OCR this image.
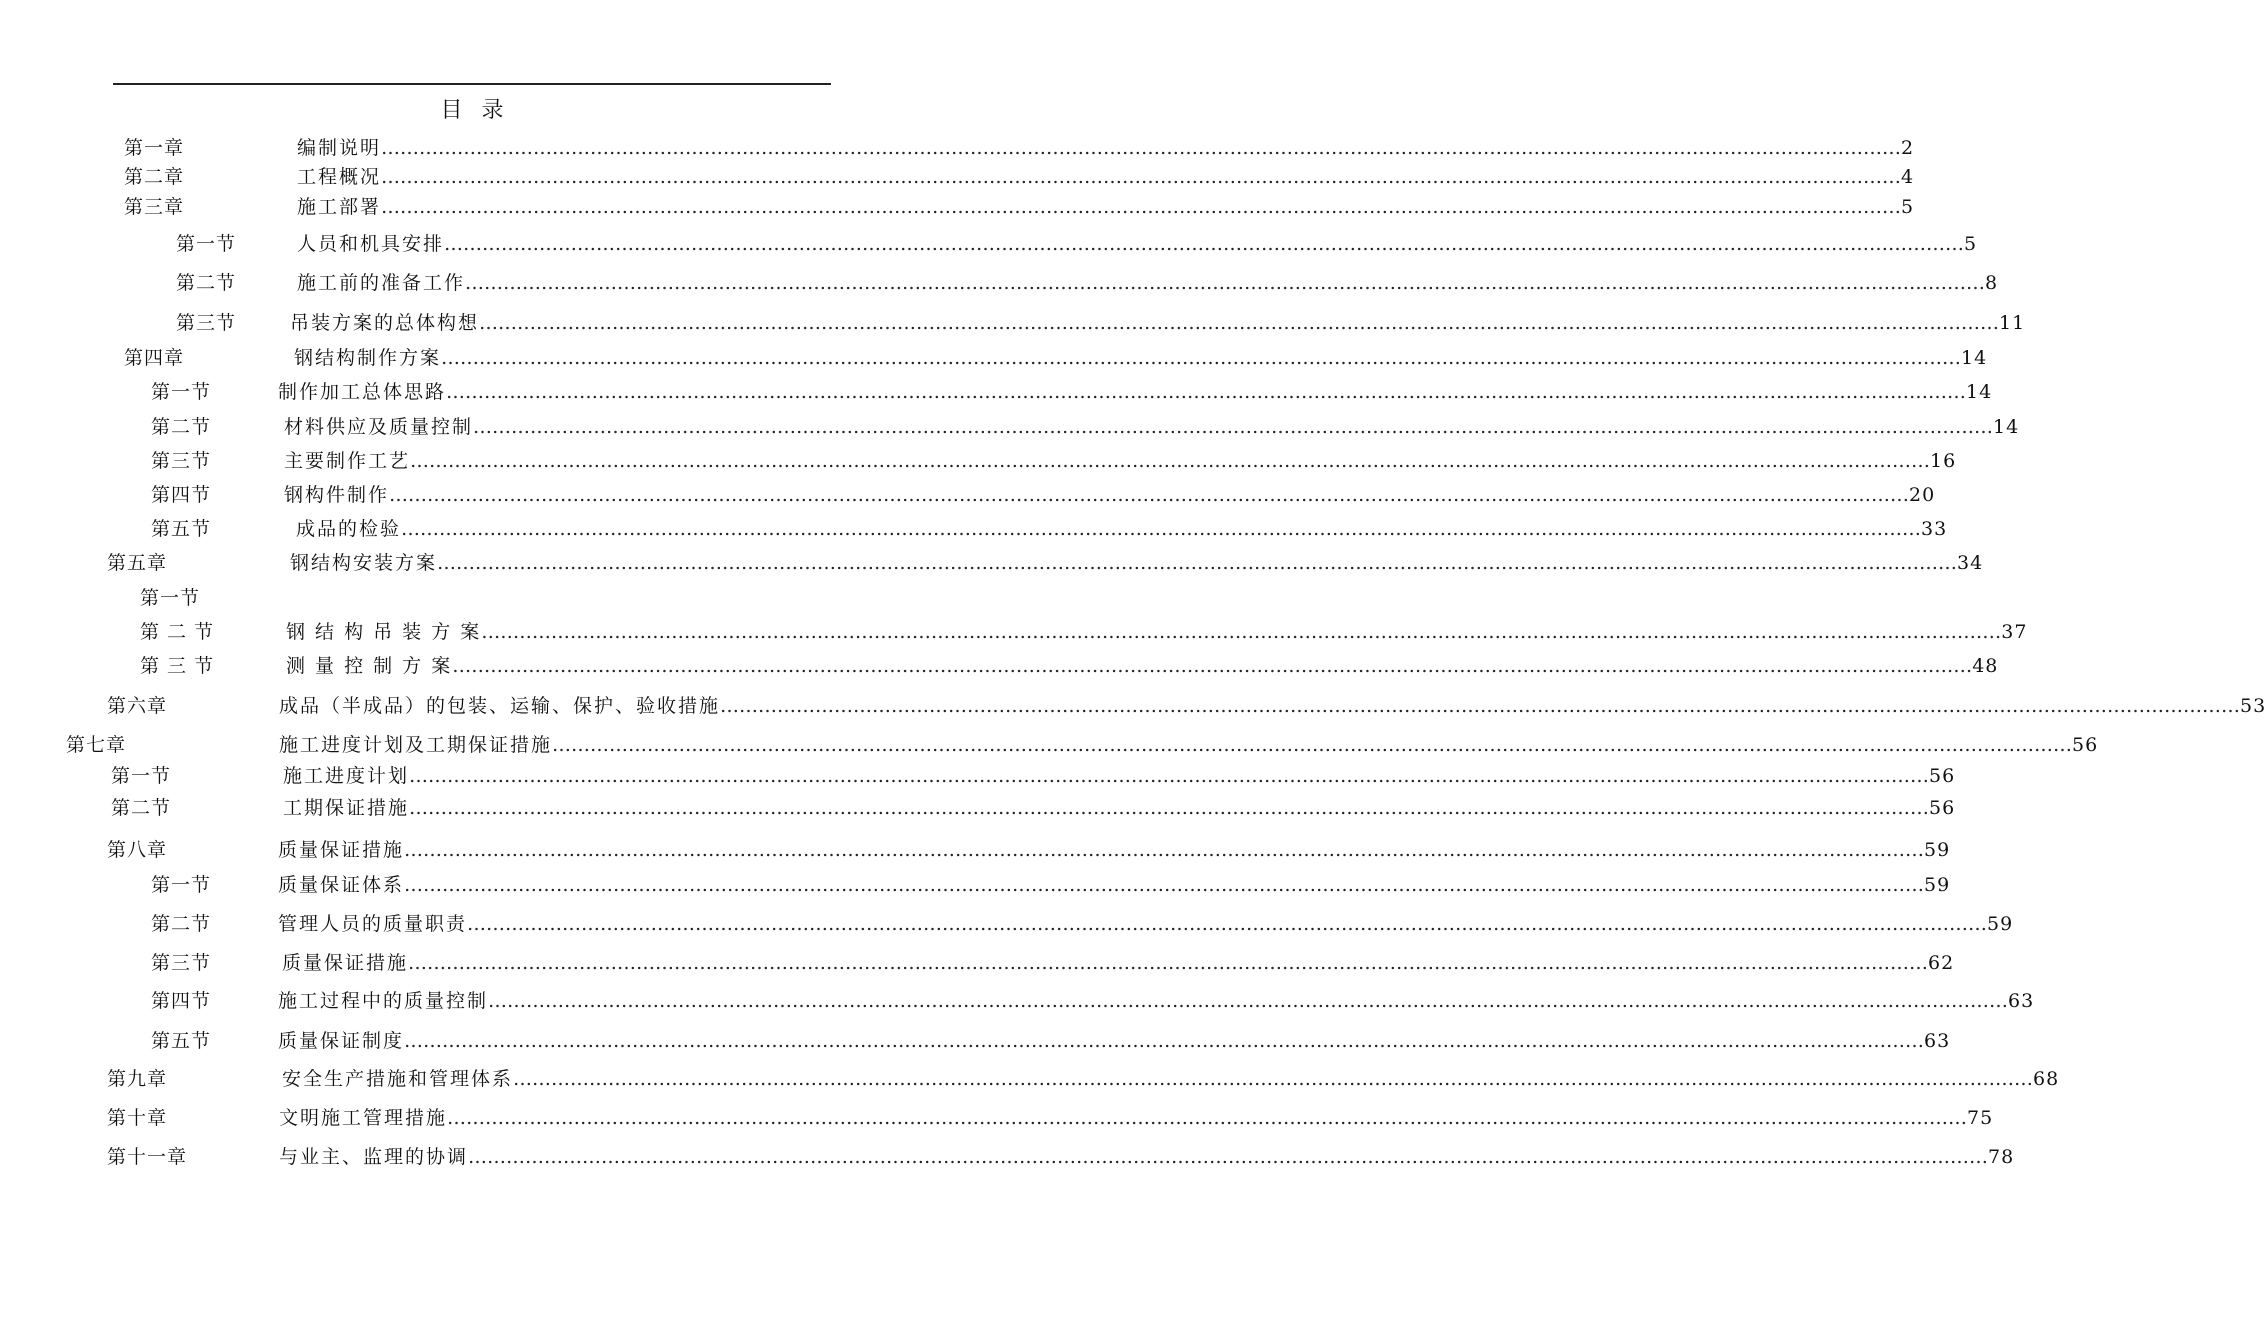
目 录
第一章	编制说明 …………………………………………………………………………………………………………………………………………………………………………………………………………………… 2
第二章	工程概况 …………………………………………………………………………………………………………………………………………………………………………………………………………………… 4
第三章	施工部署 …………………………………………………………………………………………………………………………………………………………………………………………………………………… 5
第一节	人员和机具安排 …………………………………………………………………………………………………………………………………………………………………………………………………………………… 5
第二节	施工前的准备工作 …………………………………………………………………………………………………………………………………………………………………………………………………………………… 8
第三节	吊装方案的总体构想 …………………………………………………………………………………………………………………………………………………………………………………………………………………… 11
第四章	钢结构制作方案 …………………………………………………………………………………………………………………………………………………………………………………………………………………… 14
第一节	制作加工总体思路 …………………………………………………………………………………………………………………………………………………………………………………………………………………… 14
第二节	材料供应及质量控制 …………………………………………………………………………………………………………………………………………………………………………………………………………………… 14
第三节	主要制作工艺 …………………………………………………………………………………………………………………………………………………………………………………………………………………… 16
第四节	钢构件制作 …………………………………………………………………………………………………………………………………………………………………………………………………………………… 20
第五节	成品的检验 …………………………………………………………………………………………………………………………………………………………………………………………………………………… 33
第五章	钢结构安装方案 …………………………………………………………………………………………………………………………………………………………………………………………………………………… 34
第一节
第 二 节	钢 结 构 吊 装 方 案 …………………………………………………………………………………………………………………………………………………………………………………………………………………… 37
第 三 节	测 量 控 制 方 案 …………………………………………………………………………………………………………………………………………………………………………………………………………………… 48
第六章	成品（半成品）的包装、运输、保护、验收措施 …………………………………………………………………………………………………………………………………………………………………………………………………………………… 53
第七章	施工进度计划及工期保证措施 …………………………………………………………………………………………………………………………………………………………………………………………………………………… 56
第一节	施工进度计划 …………………………………………………………………………………………………………………………………………………………………………………………………………………… 56
第二节	工期保证措施 …………………………………………………………………………………………………………………………………………………………………………………………………………………… 56
第八章	质量保证措施 …………………………………………………………………………………………………………………………………………………………………………………………………………………… 59
第一节	质量保证体系 …………………………………………………………………………………………………………………………………………………………………………………………………………………… 59
第二节	管理人员的质量职责 …………………………………………………………………………………………………………………………………………………………………………………………………………………… 59
第三节	质量保证措施 …………………………………………………………………………………………………………………………………………………………………………………………………………………… 62
第四节	施工过程中的质量控制 …………………………………………………………………………………………………………………………………………………………………………………………………………………… 63
第五节	质量保证制度 …………………………………………………………………………………………………………………………………………………………………………………………………………………… 63
第九章	安全生产措施和管理体系 …………………………………………………………………………………………………………………………………………………………………………………………………………………… 68
第十章	文明施工管理措施 …………………………………………………………………………………………………………………………………………………………………………………………………………………… 75
第十一章	与业主、监理的协调 …………………………………………………………………………………………………………………………………………………………………………………………………………………… 78
